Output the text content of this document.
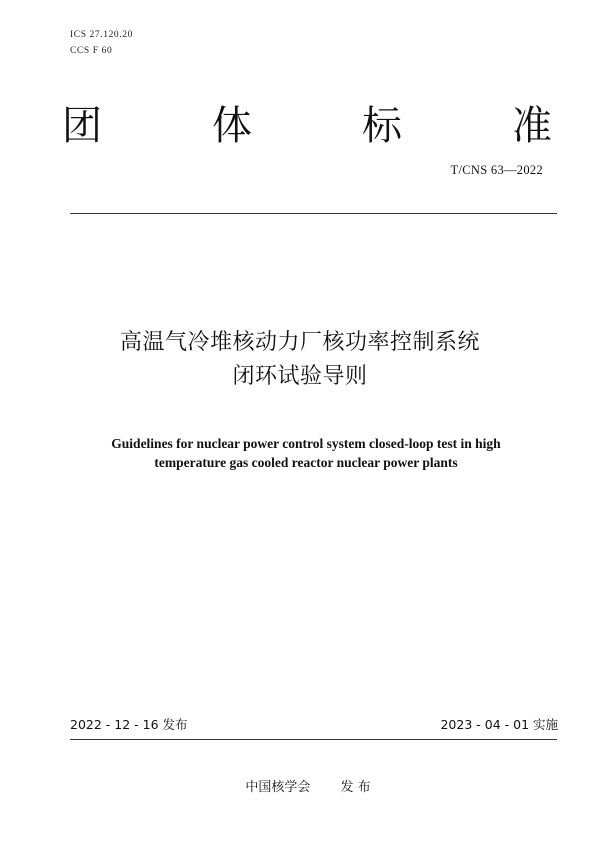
ICS 27.120.20
CCS F 60
团	体	标	准
T/CNS 63—2022
高温气冷堆核动力厂核功率控制系统
闭环试验导则
Guidelines for nuclear power control system closed-loop test in high
temperature gas cooled reactor nuclear power plants
2022 - 12 - 16 发布	2023 - 04 - 01 实施
中国核学会 发 布
